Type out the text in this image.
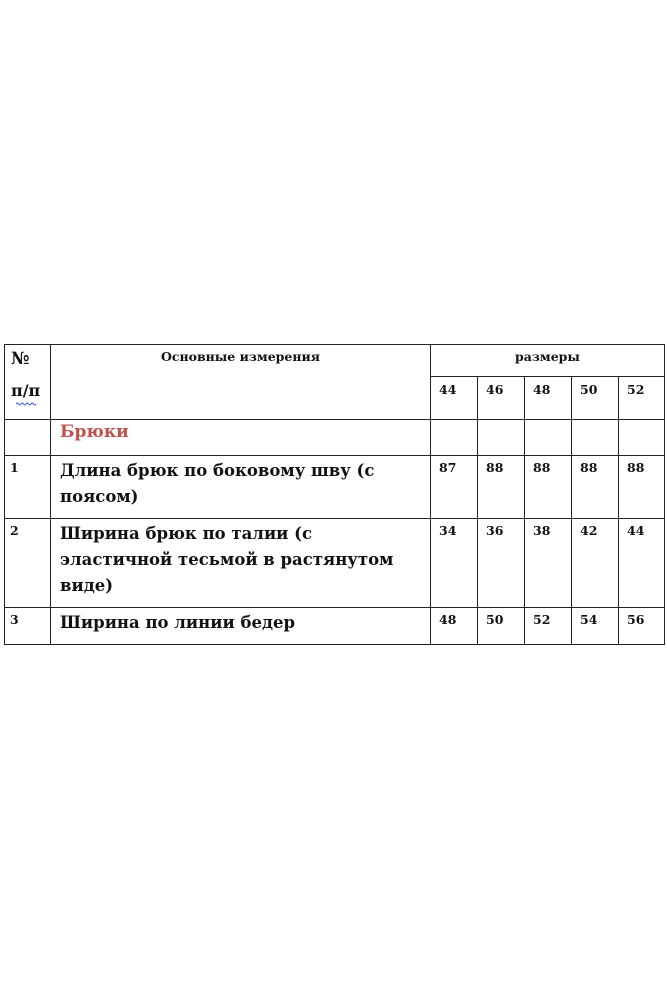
№
п/п	Основные измерения	размеры				
		44	46	48	50	52
	Брюки					
1	Длина брюк по боковому шву (с поясом)	87	88	88	88	88
2	Ширина брюк по талии (с эластичной тесьмой в растянутом виде)	34	36	38	42	44
3	Ширина по линии бедер	48	50	52	54	56
